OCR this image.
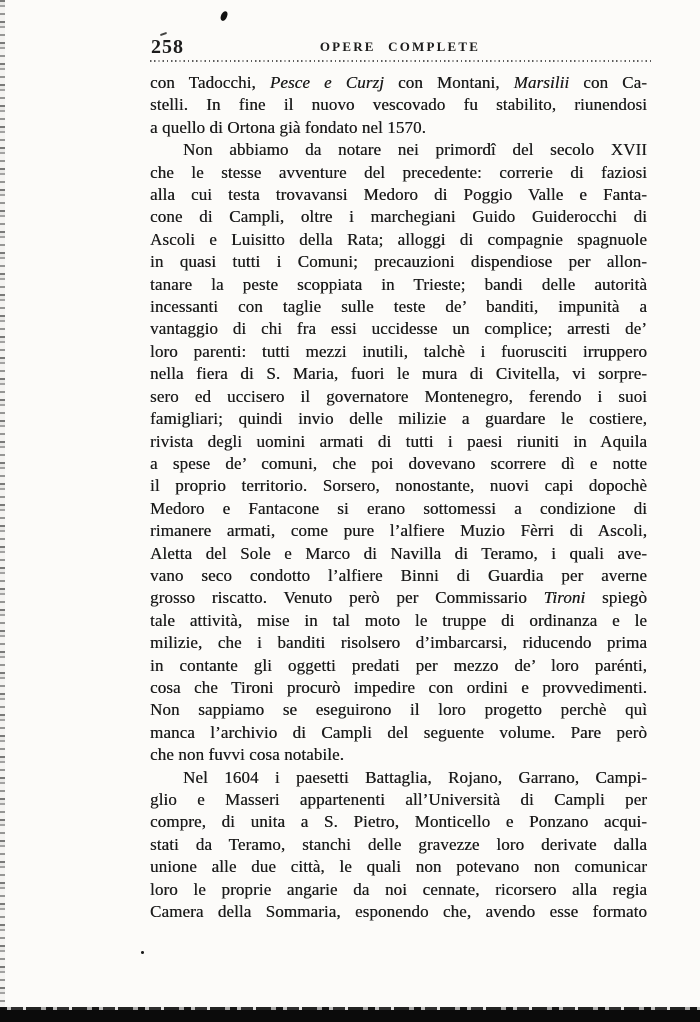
258	OPERE COMPLETE
con Tadocchi, Pesce e Curzj con Montani, Marsilii con Ca-
stelli. In fine il nuovo vescovado fu stabilito, riunendosi
a quello di Ortona già fondato nel 1570.
Non abbiamo da notare nei primordî del secolo XVII
che le stesse avventure del precedente: correrie di faziosi
alla cui testa trovavansi Medoro di Poggio Valle e Fanta-
cone di Campli, oltre i marchegiani Guido Guiderocchi di
Ascoli e Luisitto della Rata; alloggi di compagnie spagnuole
in quasi tutti i Comuni; precauzioni dispendiose per allon-
tanare la peste scoppiata in Trieste; bandi delle autorità
incessanti con taglie sulle teste de’ banditi, impunità a
vantaggio di chi fra essi uccidesse un complice; arresti de’
loro parenti: tutti mezzi inutili, talchè i fuorusciti irruppero
nella fiera di S. Maria, fuori le mura di Civitella, vi sorpre-
sero ed uccisero il governatore Montenegro, ferendo i suoi
famigliari; quindi invio delle milizie a guardare le costiere,
rivista degli uomini armati di tutti i paesi riuniti in Aquila
a spese de’ comuni, che poi dovevano scorrere dì e notte
il proprio territorio. Sorsero, nonostante, nuovi capi dopochè
Medoro e Fantacone si erano sottomessi a condizione di
rimanere armati, come pure l’alfiere Muzio Fèrri di Ascoli,
Aletta del Sole e Marco di Navilla di Teramo, i quali ave-
vano seco condotto l’alfiere Binni di Guardia per averne
grosso riscatto. Venuto però per Commissario Tironi spiegò
tale attività, mise in tal moto le truppe di ordinanza e le
milizie, che i banditi risolsero d’imbarcarsi, riducendo prima
in contante gli oggetti predati per mezzo de’ loro parénti,
cosa che Tironi procurò impedire con ordini e provvedimenti.
Non sappiamo se eseguirono il loro progetto perchè quì
manca l’archivio di Campli del seguente volume. Pare però
che non fuvvi cosa notabile.
Nel 1604 i paesetti Battaglia, Rojano, Garrano, Campi-
glio e Masseri appartenenti all’Università di Campli per
compre, di unita a S. Pietro, Monticello e Ponzano acqui-
stati da Teramo, stanchi delle gravezze loro derivate dalla
unione alle due città, le quali non potevano non comunicar
loro le proprie angarie da noi cennate, ricorsero alla regia
Camera della Sommaria, esponendo che, avendo esse formato
